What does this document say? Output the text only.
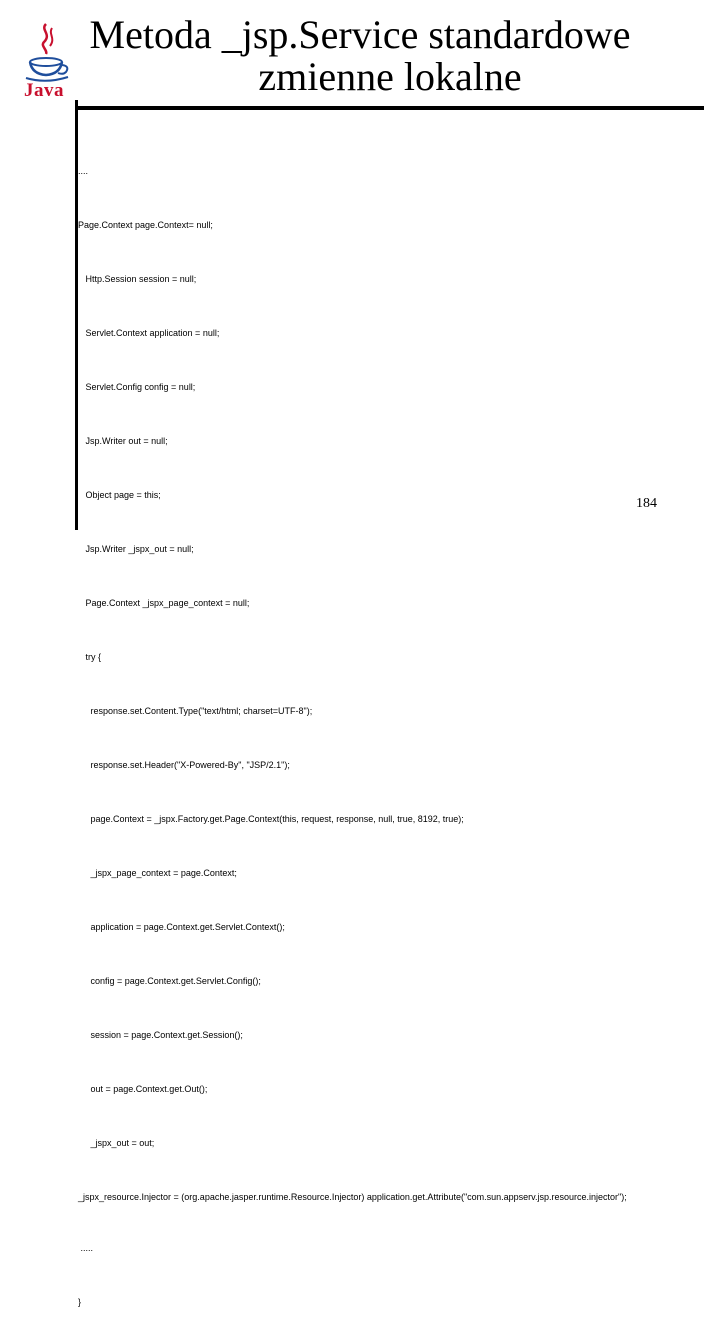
Java
Metoda _jsp.Service standardowe
zmienne lokalne

....

Page.Context page.Context= null;

Http.Session session = null;

Servlet.Context application = null;

Servlet.Config config = null;

Jsp.Writer out = null;

Object page = this;

Jsp.Writer _jspx_out = null;

Page.Context _jspx_page_context = null;

try {

response.set.Content.Type("text/html; charset=UTF-8");

response.set.Header("X-Powered-By", "JSP/2.1");

page.Context = _jspx.Factory.get.Page.Context(this, request, response, null, true, 8192, true);

_jspx_page_context = page.Context;

application = page.Context.get.Servlet.Context();

config = page.Context.get.Servlet.Config();

session = page.Context.get.Session();

out = page.Context.get.Out();

_jspx_out = out;

_jspx_resource.Injector = (org.apache.jasper.runtime.Resource.Injector) application.get.Attribute("com.sun.appserv.jsp.resource.injector");

.....

}

184
